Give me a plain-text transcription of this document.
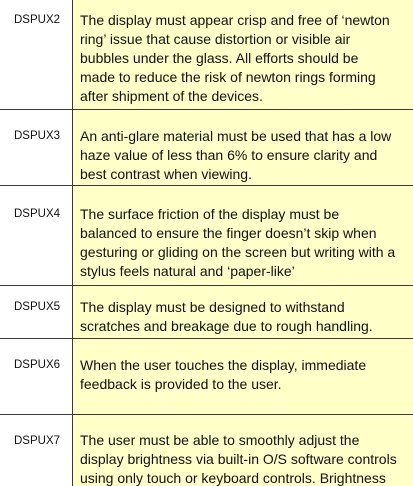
DSPUX2	The display must appear crisp and free of ‘newton
ring’ issue that cause distortion or visible air
bubbles under the glass. All efforts should be
made to reduce the risk of newton rings forming
after shipment of the devices.
DSPUX3	An anti-glare material must be used that has a low
haze value of less than 6% to ensure clarity and
best contrast when viewing.
DSPUX4	The surface friction of the display must be
balanced to ensure the finger doesn’t skip when
gesturing or gliding on the screen but writing with a
stylus feels natural and ‘paper-like’
DSPUX5	The display must be designed to withstand
scratches and breakage due to rough handling.
DSPUX6	When the user touches the display, immediate
feedback is provided to the user.
DSPUX7	The user must be able to smoothly adjust the
display brightness via built-in O/S software controls
using only touch or keyboard controls. Brightness
